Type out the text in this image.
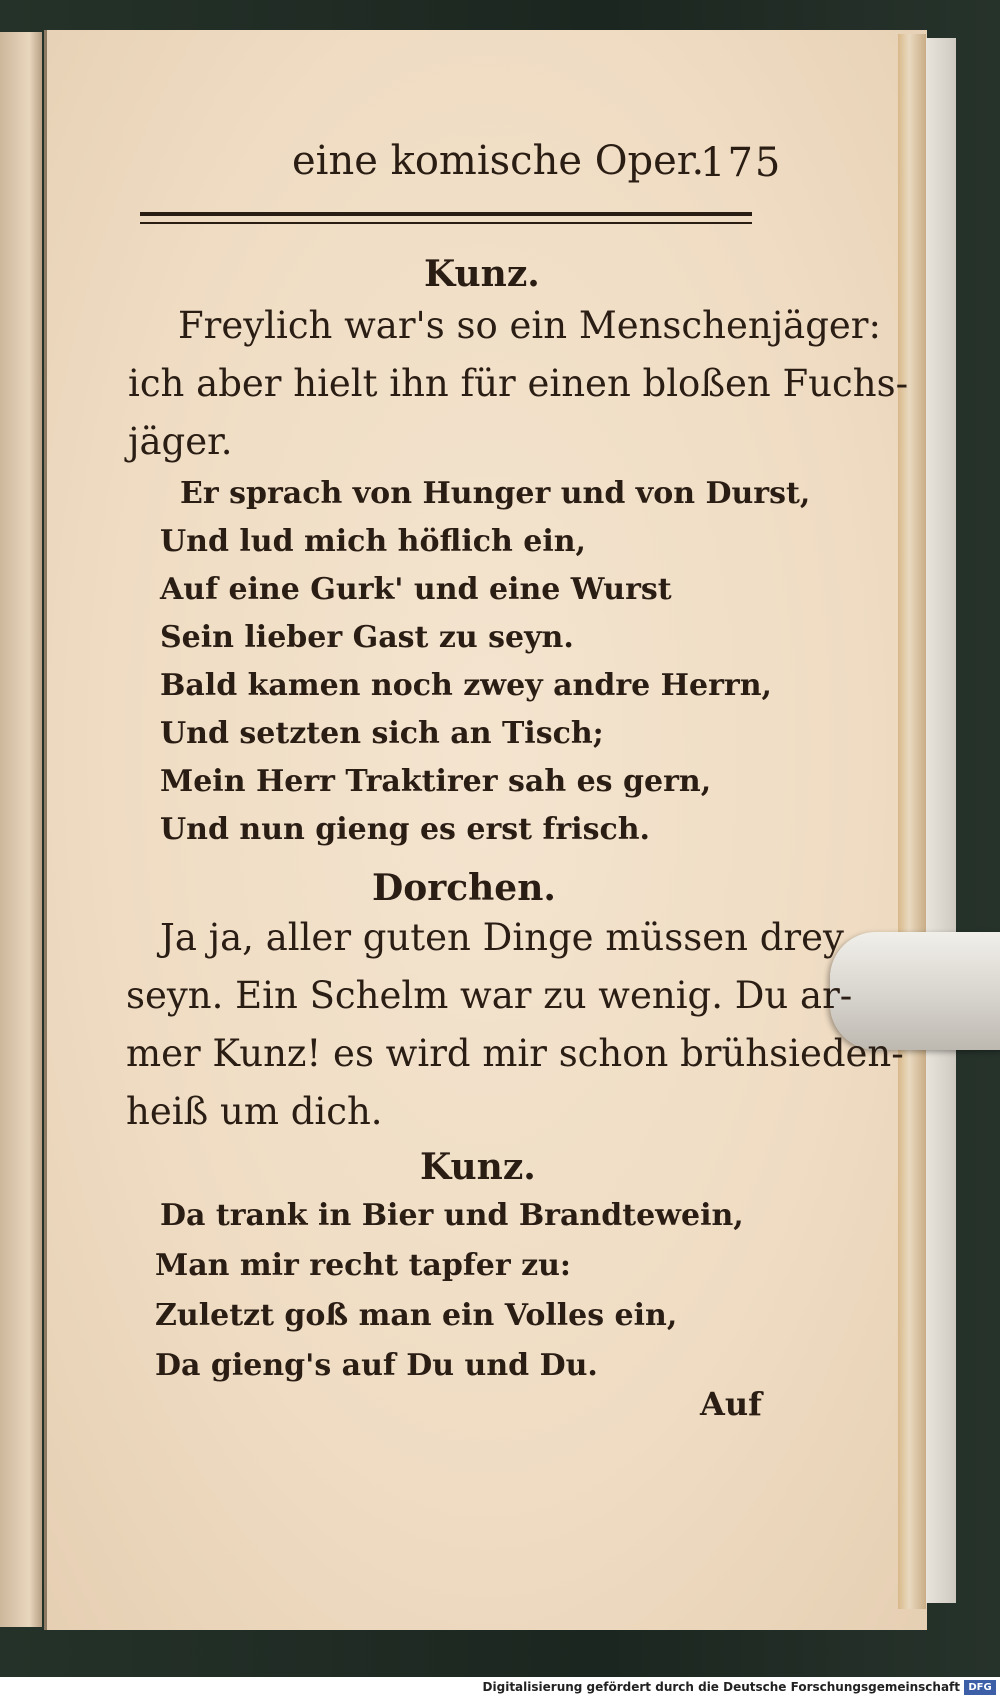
eine komische Oper.
175
Kunz.
Freylich war's so ein Menschenjäger:
ich aber hielt ihn für einen bloßen Fuchs-
jäger.
Er sprach von Hunger und von Durst,
Und lud mich höflich ein,
Auf eine Gurk' und eine Wurst
Sein lieber Gast zu seyn.
Bald kamen noch zwey andre Herrn,
Und setzten sich an Tisch;
Mein Herr Traktirer sah es gern,
Und nun gieng es erst frisch.
Dorchen.
Ja ja, aller guten Dinge müssen drey
seyn. Ein Schelm war zu wenig. Du ar-
mer Kunz! es wird mir schon brühsieden-
heiß um dich.
Kunz.
Da trank in Bier und Brandtewein,
Man mir recht tapfer zu:
Zuletzt goß man ein Volles ein,
Da gieng's auf Du und Du.
Auf
Digitalisierung gefördert durch die Deutsche Forschungsgemeinschaft DFG
